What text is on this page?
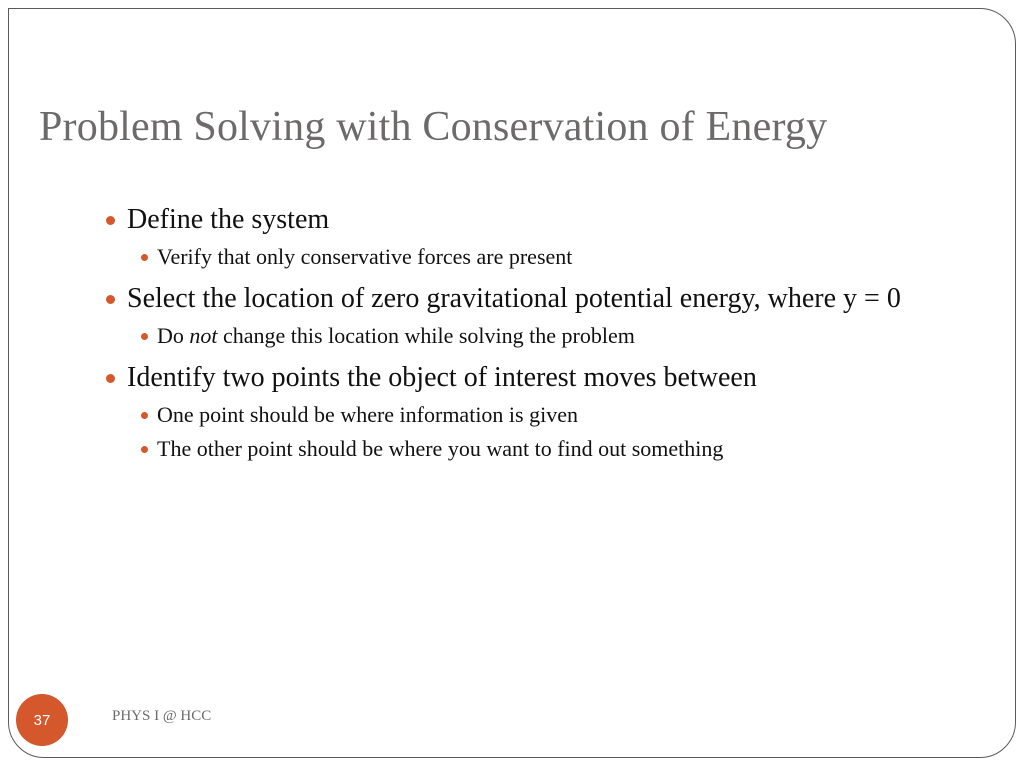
Problem Solving with Conservation of Energy
Define the system
Verify that only conservative forces are present
Select the location of zero gravitational potential energy, where y = 0
Do not change this location while solving the problem
Identify two points the object of interest moves between
One point should be where information is given
The other point should be where you want to find out something
37	PHYS I @ HCC
